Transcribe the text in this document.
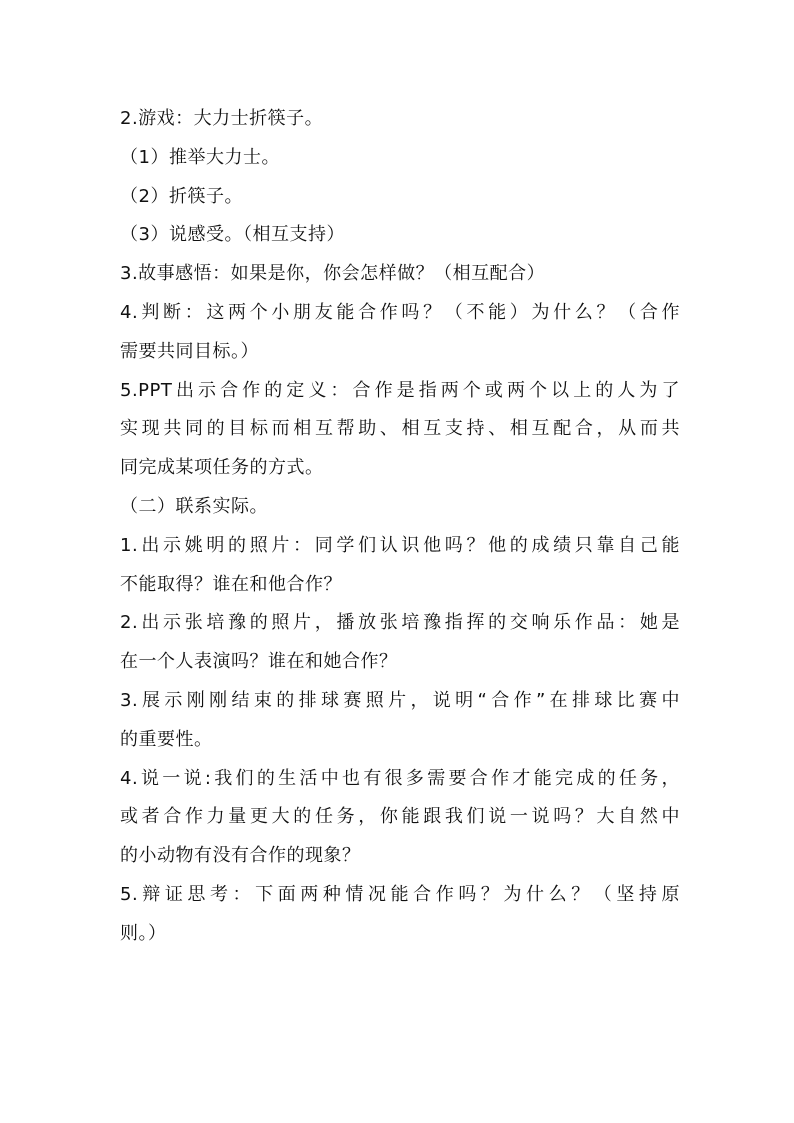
2.游戏：大力士折筷子。
（1）推举大力士。
（2）折筷子。
（3）说感受。（相互支持）
3.故事感悟：如果是你，你会怎样做？（相互配合）
4.判断：这两个小朋友能合作吗？（不能）为什么？（合作
需要共同目标。）
5.PPT出示合作的定义：合作是指两个或两个以上的人为了
实现共同的目标而相互帮助、相互支持、相互配合，从而共
同完成某项任务的方式。
（二）联系实际。
1.出示姚明的照片：同学们认识他吗？他的成绩只靠自己能
不能取得？谁在和他合作？
2.出示张培豫的照片，播放张培豫指挥的交响乐作品：她是
在一个人表演吗？谁在和她合作？
3.展示刚刚结束的排球赛照片，说明“合作”在排球比赛中
的重要性。
4.说一说:我们的生活中也有很多需要合作才能完成的任务，
或者合作力量更大的任务，你能跟我们说一说吗？大自然中
的小动物有没有合作的现象？
5.辩证思考：下面两种情况能合作吗？为什么？（坚持原
则。）
